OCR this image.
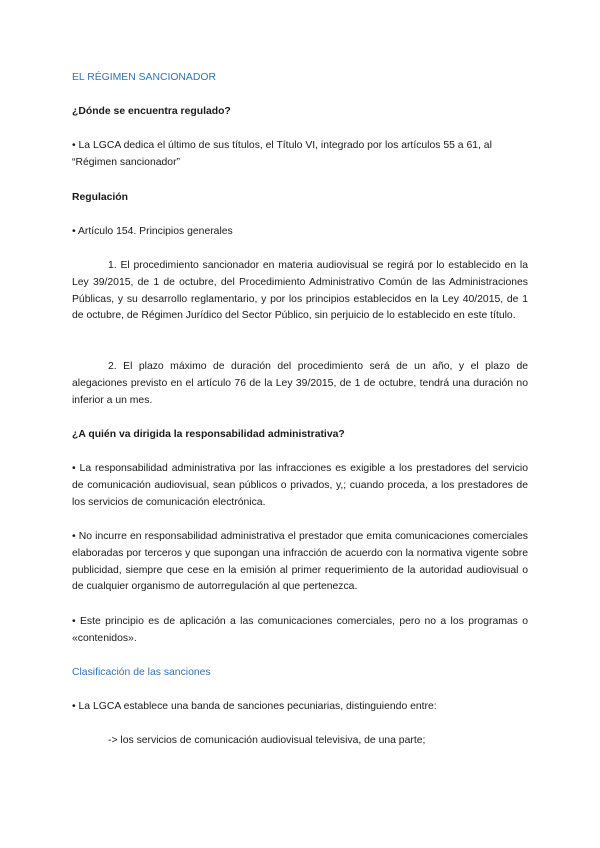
EL RÉGIMEN SANCIONADOR

¿Dónde se encuentra regulado?

• La LGCA dedica el último de sus títulos, el Título VI, integrado por los artículos 55 a 61, al “Régimen sancionador”

Regulación

• Artículo 154. Principios generales

1. El procedimiento sancionador en materia audiovisual se regirá por lo establecido en la Ley 39/2015, de 1 de octubre, del Procedimiento Administrativo Común de las Administraciones Públicas, y su desarrollo reglamentario, y por los principios establecidos en la Ley 40/2015, de 1 de octubre, de Régimen Jurídico del Sector Público, sin perjuicio de lo establecido en este título.

2. El plazo máximo de duración del procedimiento será de un año, y el plazo de alegaciones previsto en el artículo 76 de la Ley 39/2015, de 1 de octubre, tendrá una duración no inferior a un mes.

¿A quién va dirigida la responsabilidad administrativa?

• La responsabilidad administrativa por las infracciones es exigible a los prestadores del servicio de comunicación audiovisual, sean públicos o privados, y,; cuando proceda, a los prestadores de los servicios de comunicación electrónica.

• No incurre en responsabilidad administrativa el prestador que emita comunicaciones comerciales elaboradas por terceros y que supongan una infracción de acuerdo con la normativa vigente sobre publicidad, siempre que cese en la emisión al primer requerimiento de la autoridad audiovisual o de cualquier organismo de autorregulación al que pertenezca.

• Este principio es de aplicación a las comunicaciones comerciales, pero no a los programas o «contenidos».

Clasificación de las sanciones

• La LGCA establece una banda de sanciones pecuniarias, distinguiendo entre:

-> los servicios de comunicación audiovisual televisiva, de una parte;
